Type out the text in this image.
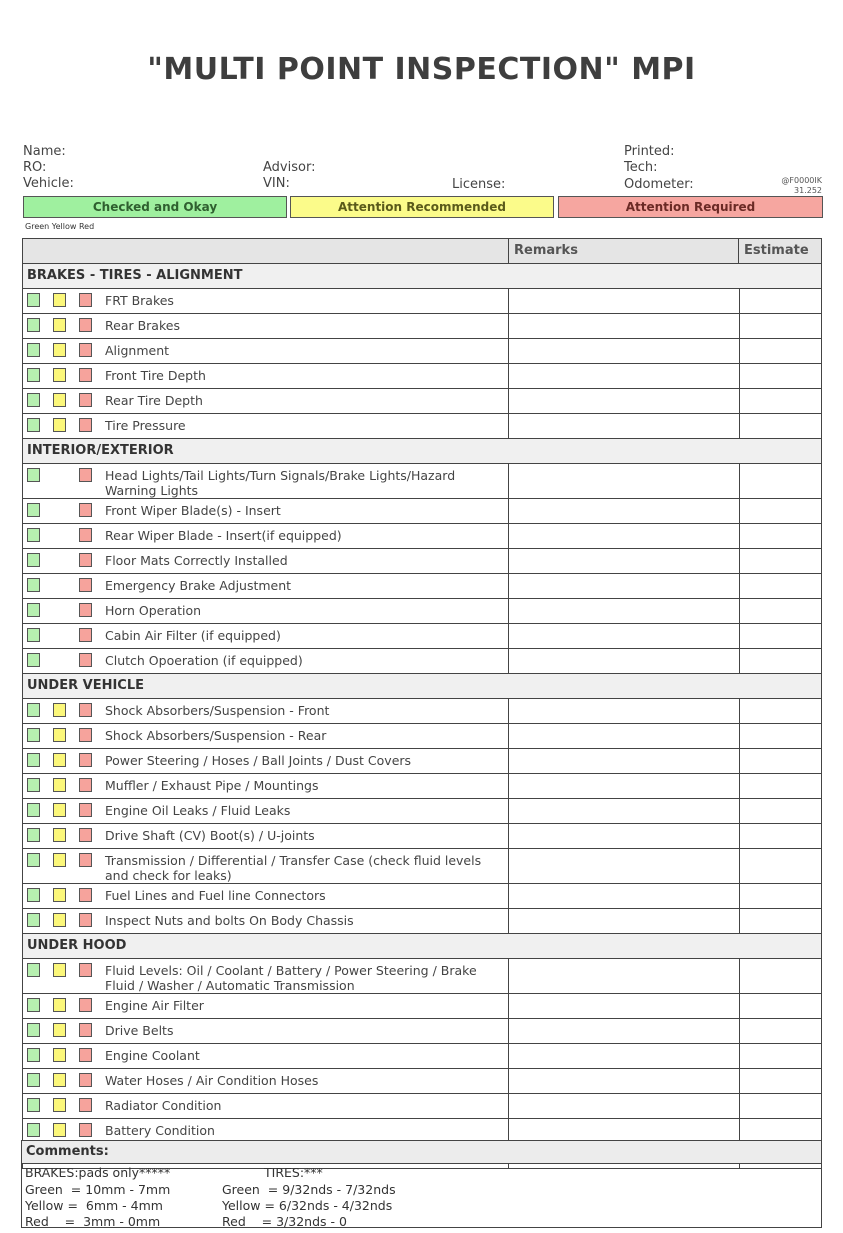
"MULTI POINT INSPECTION" MPI
Name:
RO:
Vehicle:
Advisor:
VIN:	License:
Printed:
Tech:
Odometer:	@F0000IK
31.252
Checked and Okay	Attention Recommended	Attention Required
Green Yellow Red
Remarks	Estimate
BRAKES - TIRES - ALIGNMENT
FRT Brakes
Rear Brakes
Alignment
Front Tire Depth
Rear Tire Depth
Tire Pressure
INTERIOR/EXTERIOR
Head Lights/Tail Lights/Turn Signals/Brake Lights/Hazard Warning Lights
Front Wiper Blade(s) - Insert
Rear Wiper Blade - Insert(if equipped)
Floor Mats Correctly Installed
Emergency Brake Adjustment
Horn Operation
Cabin Air Filter (if equipped)
Clutch Opoeration (if equipped)
UNDER VEHICLE
Shock Absorbers/Suspension - Front
Shock Absorbers/Suspension - Rear
Power Steering / Hoses / Ball Joints / Dust Covers
Muffler / Exhaust Pipe / Mountings
Engine Oil Leaks / Fluid Leaks
Drive Shaft (CV) Boot(s) / U-joints
Transmission / Differential / Transfer Case (check fluid levels and check for leaks)
Fuel Lines and Fuel line Connectors
Inspect Nuts and bolts On Body Chassis
UNDER HOOD
Fluid Levels: Oil / Coolant / Battery / Power Steering / Brake Fluid / Washer / Automatic Transmission
Engine Air Filter
Drive Belts
Engine Coolant
Water Hoses / Air Condition Hoses
Radiator Condition
Battery Condition
Comments:
BRAKES:pads only*****
Green  = 10mm - 7mm
Yellow =  6mm - 4mm
Red    =  3mm - 0mm
TIRES:***
Green  = 9/32nds - 7/32nds
Yellow = 6/32nds - 4/32nds
Red    = 3/32nds - 0
